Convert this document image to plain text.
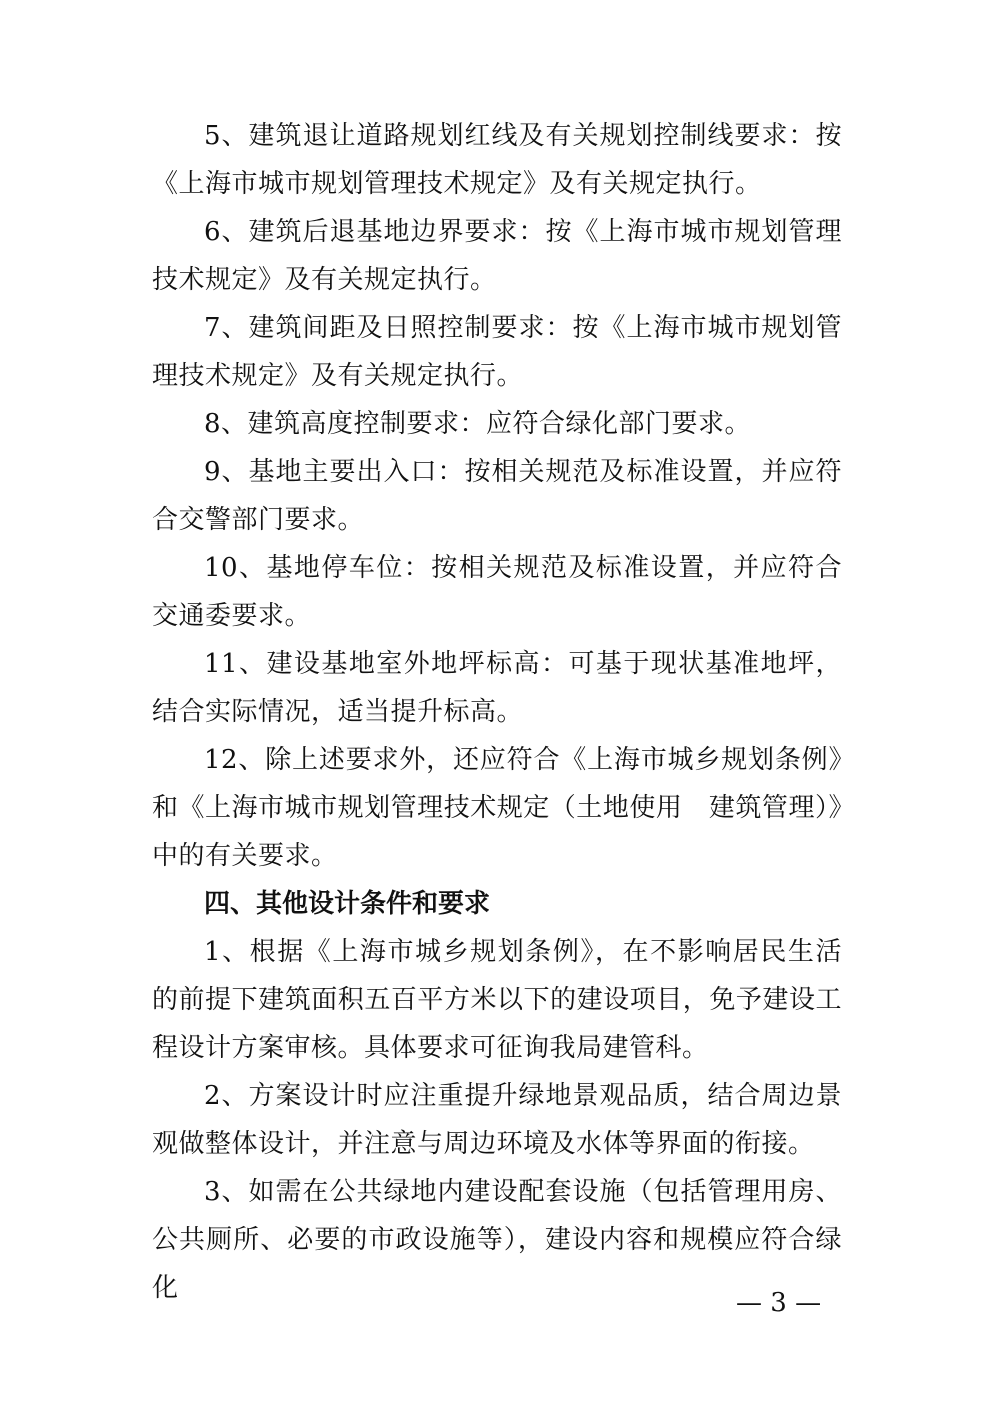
5、建筑退让道路规划红线及有关规划控制线要求：按《上海市城市规划管理技术规定》及有关规定执行。

6、建筑后退基地边界要求：按《上海市城市规划管理技术规定》及有关规定执行。

7、建筑间距及日照控制要求：按《上海市城市规划管理技术规定》及有关规定执行。

8、建筑高度控制要求：应符合绿化部门要求。

9、基地主要出入口：按相关规范及标准设置，并应符合交警部门要求。

10、基地停车位：按相关规范及标准设置，并应符合交通委要求。

11、建设基地室外地坪标高：可基于现状基准地坪，结合实际情况，适当提升标高。

12、除上述要求外，还应符合《上海市城乡规划条例》和《上海市城市规划管理技术规定（土地使用　建筑管理）》中的有关要求。

四、其他设计条件和要求

1、根据《上海市城乡规划条例》，在不影响居民生活的前提下建筑面积五百平方米以下的建设项目，免予建设工程设计方案审核。具体要求可征询我局建管科。

2、方案设计时应注重提升绿地景观品质，结合周边景观做整体设计，并注意与周边环境及水体等界面的衔接。

3、如需在公共绿地内建设配套设施（包括管理用房、公共厕所、必要的市政设施等），建设内容和规模应符合绿化	— 3 —
